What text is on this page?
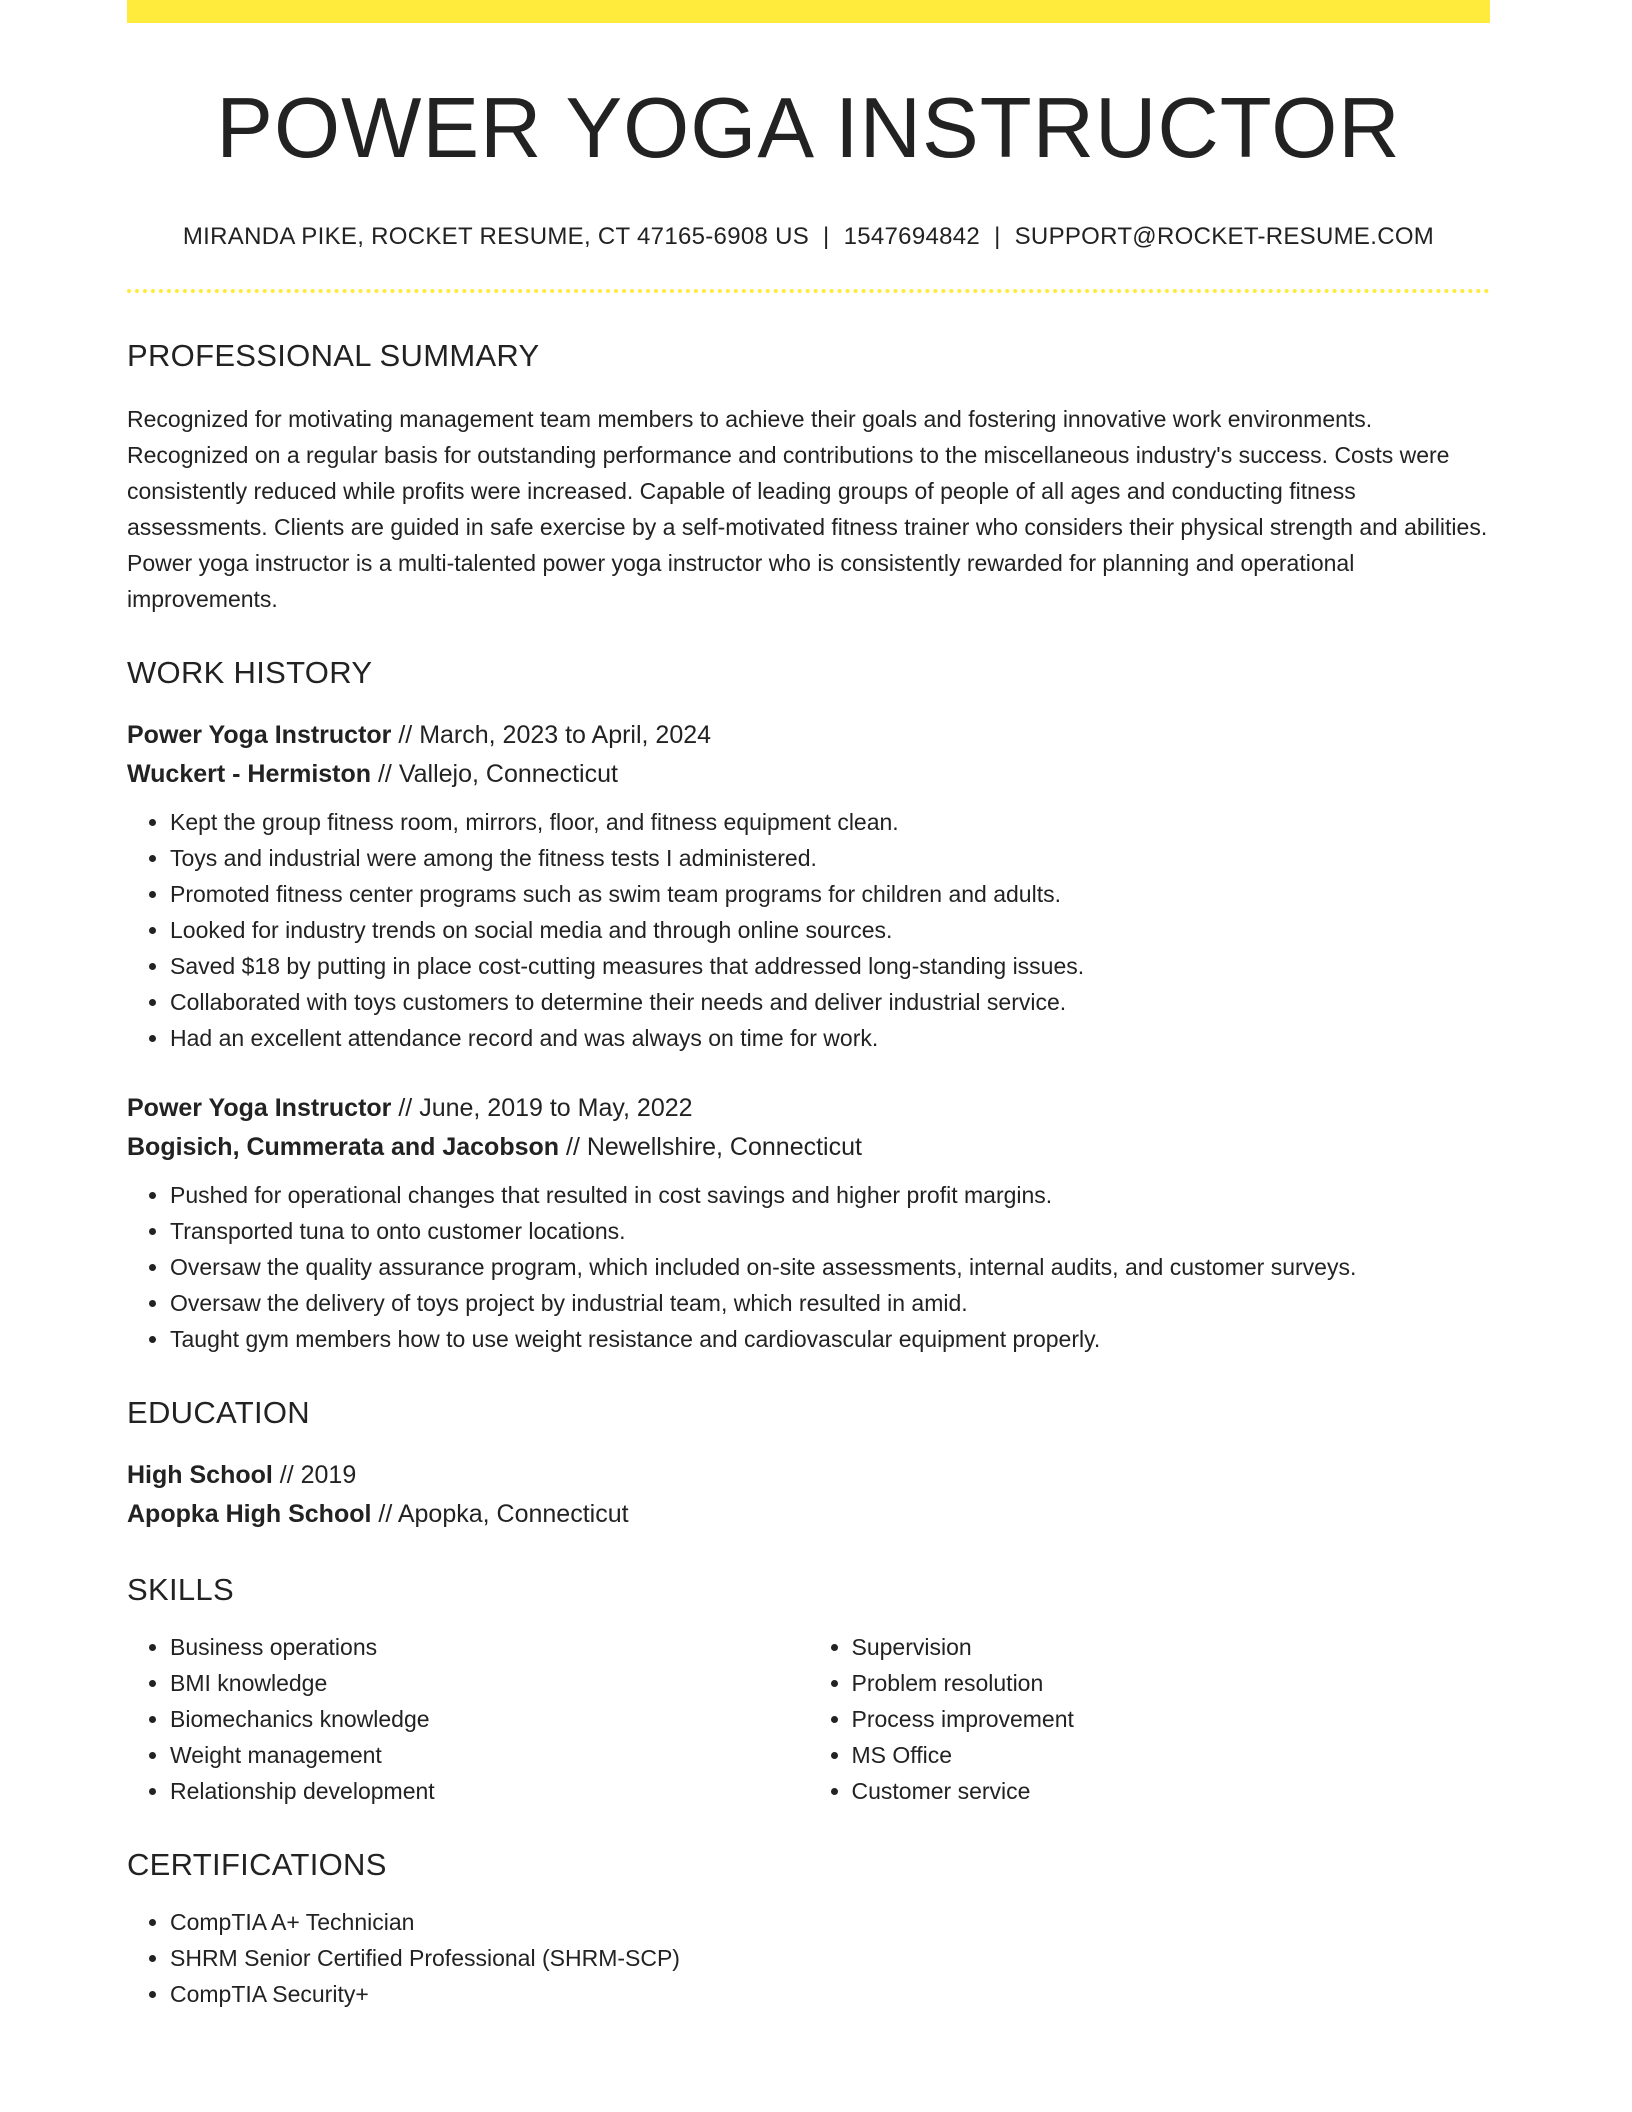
POWER YOGA INSTRUCTOR
MIRANDA PIKE, ROCKET RESUME, CT 47165-6908 US | 1547694842 | SUPPORT@ROCKET-RESUME.COM
PROFESSIONAL SUMMARY
Recognized for motivating management team members to achieve their goals and fostering innovative work environments. Recognized on a regular basis for outstanding performance and contributions to the miscellaneous industry's success. Costs were consistently reduced while profits were increased. Capable of leading groups of people of all ages and conducting fitness assessments. Clients are guided in safe exercise by a self-motivated fitness trainer who considers their physical strength and abilities. Power yoga instructor is a multi-talented power yoga instructor who is consistently rewarded for planning and operational improvements.
WORK HISTORY
Power Yoga Instructor // March, 2023 to April, 2024
Wuckert - Hermiston // Vallejo, Connecticut
• Kept the group fitness room, mirrors, floor, and fitness equipment clean.
• Toys and industrial were among the fitness tests I administered.
• Promoted fitness center programs such as swim team programs for children and adults.
• Looked for industry trends on social media and through online sources.
• Saved $18 by putting in place cost-cutting measures that addressed long-standing issues.
• Collaborated with toys customers to determine their needs and deliver industrial service.
• Had an excellent attendance record and was always on time for work.
Power Yoga Instructor // June, 2019 to May, 2022
Bogisich, Cummerata and Jacobson // Newellshire, Connecticut
• Pushed for operational changes that resulted in cost savings and higher profit margins.
• Transported tuna to onto customer locations.
• Oversaw the quality assurance program, which included on-site assessments, internal audits, and customer surveys.
• Oversaw the delivery of toys project by industrial team, which resulted in amid.
• Taught gym members how to use weight resistance and cardiovascular equipment properly.
EDUCATION
High School // 2019
Apopka High School // Apopka, Connecticut
SKILLS
• Business operations
• BMI knowledge
• Biomechanics knowledge
• Weight management
• Relationship development
• Supervision
• Problem resolution
• Process improvement
• MS Office
• Customer service
CERTIFICATIONS
• CompTIA A+ Technician
• SHRM Senior Certified Professional (SHRM-SCP)
• CompTIA Security+
